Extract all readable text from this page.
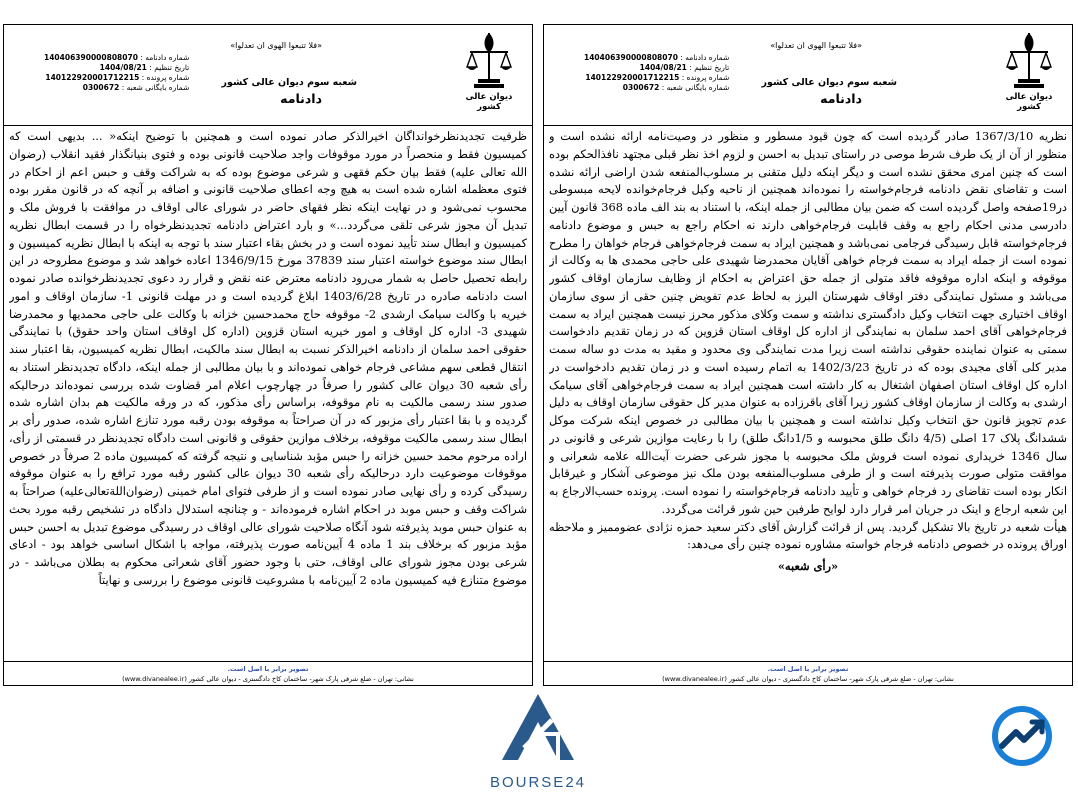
دیوان عالی کشور
«فلا تتبعوا الهوی ان تعدلوا»
شعبه سوم دیوان عالی کشور
دادنامه
شماره دادنامه : 140406390000808070
تاریخ تنظیم : 1404/08/21
شماره پرونده : 140122920001712215
شماره بایگانی شعبه : 0300672

نظریه 1367/3/10 صادر گردیده است که چون قیود مسطور و منظور در وصیت‌نامه ارائه نشده است و منظور از آن از یک طرف شرط موصی در راستای تبدیل به احسن و لزوم اخذ نظر قبلی مجتهد نافذالحکم بوده است که چنین امری محقق نشده است و دیگر اینکه دلیل متقنی بر مسلوب‌المنفعه شدن اراضی ارائه نشده است و تقاضای نقض دادنامه فرجام‌خواسته را نموده‌اند همچنین از ناحیه وکیل فرجام‌خوانده لایحه مبسوطی در19صفحه واصل گردیده است که ضمن بیان مطالبی از جمله اینکه، با استناد به بند الف ماده 368 قانون آیین دادرسی مدنی احکام راجع به وقف قابلیت فرجام‌خواهی دارند نه احکام راجع به حبس و موضوع دادنامه فرجام‌خواسته قابل رسیدگی فرجامی نمی‌باشد و همچنین ایراد به سمت فرجام‌خواهی فرجام خواهان را مطرح نموده است از جمله ایراد به سمت فرجام خواهی آقایان محمدرضا شهیدی علی حاجی محمدی ها به وکالت از موقوفه و اینکه اداره موقوفه فاقد متولی از جمله حق اعتراض به احکام از وظایف سازمان اوقاف کشور می‌باشد و مسئول نمایندگی دفتر اوقاف شهرستان البرز به لحاظ عدم تفویض چنین حقی از سوی سازمان اوقاف اختیاری جهت انتخاب وکیل دادگستری نداشته و سمت وکلای مذکور محرز نیست همچنین ایراد به سمت فرجام‌خواهی آقای احمد سلمان به نمایندگی از اداره کل اوقاف استان قزوین که در زمان تقدیم دادخواست سمتی به عنوان نماینده حقوقی نداشته است زیرا مدت نمایندگی وی محدود و مقید به مدت دو ساله سمت مدیر کلی آقای مجیدی بوده که در تاریخ 1402/3/23 به اتمام رسیده است و در زمان تقدیم دادخواست در اداره کل اوقاف استان اصفهان اشتغال به کار داشته است همچنین ایراد به سمت فرجام‌خواهی آقای سیامک ارشدی به وکالت از سازمان اوقاف کشور زیرا آقای باقرزاده به عنوان مدیر کل حقوقی سازمان اوقاف به دلیل عدم تجویز قانون حق انتخاب وکیل نداشته است و همچنین با بیان مطالبی در خصوص اینکه شرکت موکل ششدانگ پلاک 17 اصلی (4/5 دانگ طلق محبوسه و 1/5دانگ طلق) را با رعایت موازین شرعی و قانونی در سال 1346 خریداری نموده است فروش ملک محبوسه با مجوز شرعی حضرت آیت‌الله علامه شعرانی و موافقت متولی صورت پذیرفته است و از طرفی مسلوب‌المنفعه بودن ملک نیز موضوعی آشکار و غیرقابل انکار بوده است تقاضای رد فرجام خواهی و تأیید دادنامه فرجام‌خواسته را نموده است. پرونده حسب‌الارجاع به این شعبه ارجاع و اینک در جریان امر قرار دارد لوایح طرفین حین شور قرائت می‌گردد.

هیأت شعبه در تاریخ بالا تشکیل گردید. پس از قرائت گزارش آقای دکتر سعید حمزه نژادی عضوممیز و ملاحظه اوراق پرونده در خصوص دادنامه فرجام خواسته مشاوره نموده چنین رأی می‌دهد:

«رأی شعبه»

تصویر برابر با اصل است.
نشانی: تهران - ضلع شرقی پارک شهر- ساختمان کاخ دادگستری - دیوان عالی کشور (www.divanealee.ir)
دیوان عالی کشور
«فلا تتبعوا الهوی ان تعدلوا»
شعبه سوم دیوان عالی کشور
دادنامه
شماره دادنامه : 140406390000808070
تاریخ تنظیم : 1404/08/21
شماره پرونده : 140122920001712215
شماره بایگانی شعبه : 0300672

ظرفیت تجدیدنظرخوانداگان اخیرالذکر صادر نموده است و همچنین با توضیح اینکه« ... بدیهی است که کمیسیون فقط و منحصراً در مورد موقوفات واجد صلاحیت قانونی بوده و فتوی بنیانگذار فقید انقلاب (رضوان الله تعالی علیه) فقط بیان حکم فقهی و شرعی موضوع بوده که به شراکت وقف و حبس اعم از احکام در فتوی معظمله اشاره شده است به هیچ وجه اعطای صلاحیت قانونی و اضافه بر آنچه که در قانون مقرر بوده محسوب نمی‌شود و در نهایت اینکه نظر فقهای حاضر در شورای عالی اوقاف در موافقت با فروش ملک و تبدیل آن مجوز شرعی تلقی می‌گردد...» و بارد اعتراض دادنامه تجدیدنظرخواه را در قسمت ابطال نظریه کمیسیون و ابطال سند تأیید نموده است و در بخش بقاء اعتبار سند با توجه به اینکه با ابطال نظریه کمیسیون و ابطال سند موضوع خواسته اعتبار سند 37839 مورخ 1346/9/15 اعاده خواهد شد و موضوع مطروحه در این رابطه تحصیل حاصل به شمار می‌رود دادنامه معترض عنه نقض و قرار رد دعوی تجدیدنظرخوانده صادر نموده است دادنامه صادره در تاریخ 1403/6/28 ابلاغ گردیده است و در مهلت قانونی 1- سازمان اوقاف و امور خیریه با وکالت سیامک ارشدی 2- موقوفه حاج محمدحسین خزانه با وکالت علی حاجی محمدیها و محمدرضا شهیدی 3- اداره کل اوقاف و امور خیریه استان قزوین (اداره کل اوقاف استان واحد حقوق) با نمایندگی حقوقی احمد سلمان از دادنامه اخیرالذکر نسبت به ابطال سند مالکیت، ابطال نظریه کمیسیون، بقا اعتبار سند انتقال قطعی سهم مشاعی فرجام خواهی نموده‌اند و با بیان مطالبی از جمله اینکه، دادگاه تجدیدنظر استناد به رأی شعبه 30 دیوان عالی کشور را صرفاً در چهارچوب اعلام امر قضاوت شده بررسی نموده‌اند درحالیکه صدور سند رسمی مالکیت به نام موقوفه، براساس رأی مذکور، که در ورقه مالکیت هم بدان اشاره شده گردیده و با بقا اعتبار رأی مزبور که در آن صراحتاً به موقوفه بودن رقبه مورد تنازع اشاره شده، صدور رأی بر ابطال سند رسمی مالکیت موقوفه، برخلاف موازین حقوقی و قانونی است دادگاه تجدیدنظر در قسمتی از رأی، اراده مرحوم محمد حسین خزانه را حبس مؤبد شناسایی و نتیجه گرفته که کمیسیون ماده 2 صرفاً در خصوص موقوفات موضوعیت دارد درحالیکه رأی شعبه 30 دیوان عالی کشور رقبه مورد ترافع را به عنوان موقوفه رسیدگی کرده و رأی نهایی صادر نموده است و از طرفی فتوای امام خمینی (رضوان‌اللةتعالی‌علیه) صراحتاً به شراکت وقف و حبس موبد در احکام اشاره فرموده‌اند - و چنانچه استدلال دادگاه در تشخیص رقبه مورد بحث به عنوان حبس موبد پذیرفته شود آنگاه صلاحیت شورای عالی اوقاف در رسیدگی موضوع تبدیل به احسن حبس مؤبد مزبور که برخلاف بند 1 ماده 4 آیین‌نامه صورت پذیرفته، مواجه با اشکال اساسی خواهد بود - ادعای شرعی بودن مجوز شورای عالی اوقاف، حتی با وجود حضور آقای شعراتی محکوم به بطلان می‌باشد - در موضوع متنازع فیه کمیسیون ماده 2 آیین‌نامه با مشروعیت قانونی موضوع را بررسی و نهایتاً

تصویر برابر با اصل است.
نشانی: تهران - ضلع شرقی پارک شهر- ساختمان کاخ دادگستری - دیوان عالی کشور (www.divanealee.ir)
BOURSE24
